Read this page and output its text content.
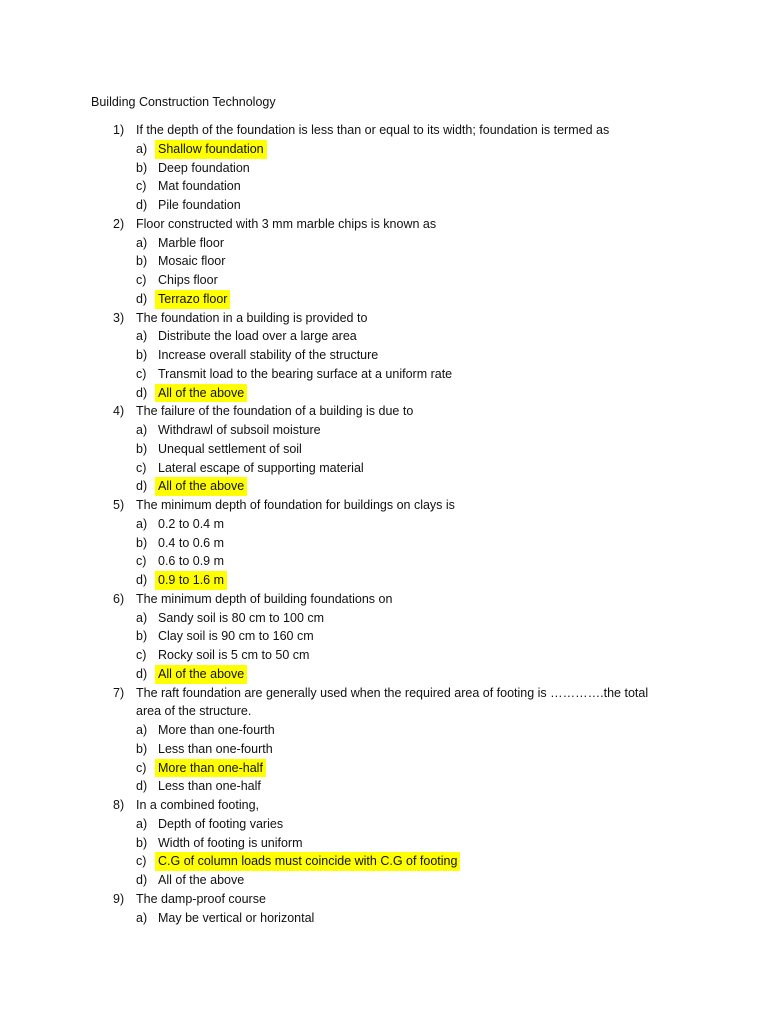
Building Construction Technology
1) If the depth of the foundation is less than or equal to its width; foundation is termed as
a) Shallow foundation
b) Deep foundation
c) Mat foundation
d) Pile foundation
2) Floor constructed with 3 mm marble chips is known as
a) Marble floor
b) Mosaic floor
c) Chips floor
d) Terrazo floor
3) The foundation in a building is provided to
a) Distribute the load over a large area
b) Increase overall stability of the structure
c) Transmit load to the bearing surface at a uniform rate
d) All of the above
4) The failure of the foundation of a building is due to
a) Withdrawl of subsoil moisture
b) Unequal settlement of soil
c) Lateral escape of supporting material
d) All of the above
5) The minimum depth of foundation for buildings on clays is
a) 0.2 to 0.4 m
b) 0.4 to 0.6 m
c) 0.6 to 0.9 m
d) 0.9 to 1.6 m
6) The minimum depth of building foundations on
a) Sandy soil is 80 cm to 100 cm
b) Clay soil is 90 cm to 160 cm
c) Rocky soil is 5 cm to 50 cm
d) All of the above
7) The raft foundation are generally used when the required area of footing is ………….the total
area of the structure.
a) More than one-fourth
b) Less than one-fourth
c) More than one-half
d) Less than one-half
8) In a combined footing,
a) Depth of footing varies
b) Width of footing is uniform
c) C.G of column loads must coincide with C.G of footing
d) All of the above
9) The damp-proof course
a) May be vertical or horizontal
